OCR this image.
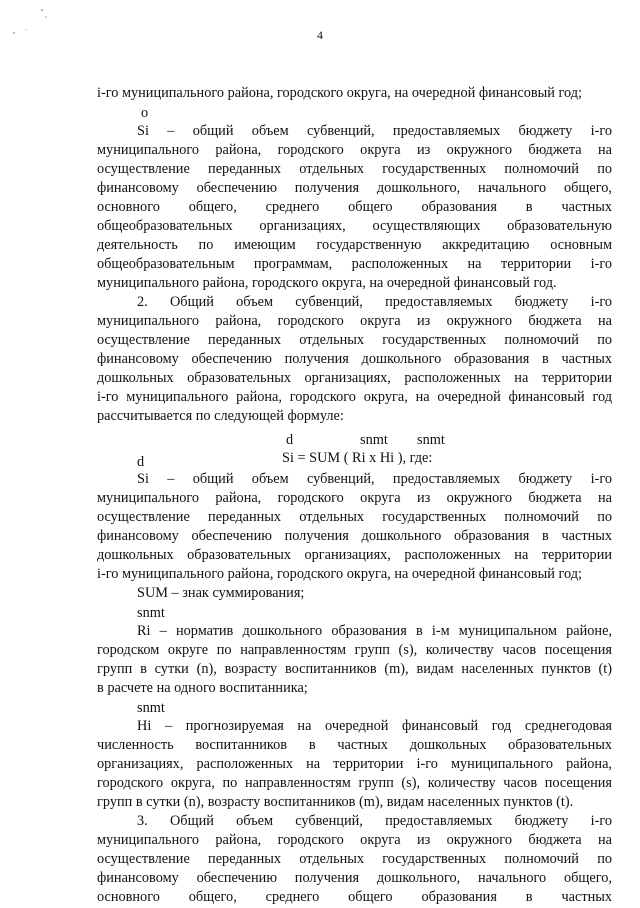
4
i-го муниципального района, городского округа, на очередной финансовый год;
о
Si – общий объем субвенций, предоставляемых бюджету i-го
муниципального района, городского округа из окружного бюджета на
осуществление переданных отдельных государственных полномочий по
финансовому обеспечению получения дошкольного, начального общего,
основного общего, среднего общего образования в частных
общеобразовательных организациях, осуществляющих образовательную
деятельность по имеющим государственную аккредитацию основным
общеобразовательным программам, расположенных на территории i-го
муниципального района, городского округа, на очередной финансовый год.
2. Общий объем субвенций, предоставляемых бюджету i-го
муниципального района, городского округа из окружного бюджета на
осуществление переданных отдельных государственных полномочий по
финансовому обеспечению получения дошкольного образования в частных
дошкольных образовательных организациях, расположенных на территории
i-го муниципального района, городского округа, на очередной финансовый год
рассчитывается по следующей формуле:
d
Si – общий объем субвенций, предоставляемых бюджету i-го
муниципального района, городского округа из окружного бюджета на
осуществление переданных отдельных государственных полномочий по
финансовому обеспечению получения дошкольного образования в частных
дошкольных образовательных организациях, расположенных на территории
i-го муниципального района, городского округа, на очередной финансовый год;
SUM – знак суммирования;
snmt
Ri – норматив дошкольного образования в i-м муниципальном районе,
городском округе по направленностям групп (s), количеству часов посещения
групп в сутки (n), возрасту воспитанников (m), видам населенных пунктов (t)
в расчете на одного воспитанника;
snmt
Hi – прогнозируемая на очередной финансовый год среднегодовая
численность воспитанников в частных дошкольных образовательных
организациях, расположенных на территории i-го муниципального района,
городского округа, по направленностям групп (s), количеству часов посещения
групп в сутки (n), возрасту воспитанников (m), видам населенных пунктов (t).
3. Общий объем субвенций, предоставляемых бюджету i-го
муниципального района, городского округа из окружного бюджета на
осуществление переданных отдельных государственных полномочий по
финансовому обеспечению получения дошкольного, начального общего,
основного общего, среднего общего образования в частных
d	snmt snmt
Si = SUM ( Ri x Hi ), где:
